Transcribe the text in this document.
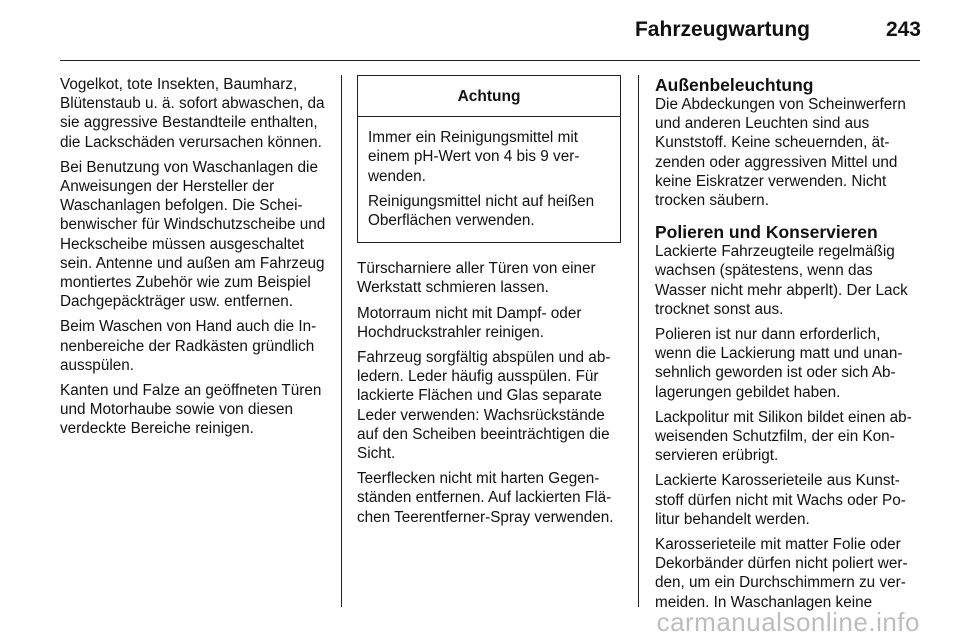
Fahrzeugwartung	243

Vogelkot, tote Insekten, Baumharz, Blütenstaub u. ä. sofort abwaschen, da sie aggressive Bestandteile enthalten, die Lackschäden verursachen können.

Bei Benutzung von Waschanlagen die Anweisungen der Hersteller der Waschanlagen befolgen. Die Scheibenwischer für Windschutzscheibe und Heckscheibe müssen ausgeschaltet sein. Antenne und außen am Fahrzeug montiertes Zubehör wie zum Beispiel Dachgepäckträger usw. entfernen.

Beim Waschen von Hand auch die Innenbereiche der Radkästen gründlich ausspülen.

Kanten und Falze an geöffneten Türen und Motorhaube sowie von diesen verdeckte Bereiche reinigen.

Achtung

Immer ein Reinigungsmittel mit einem pH-Wert von 4 bis 9 verwenden.

Reinigungsmittel nicht auf heißen Oberflächen verwenden.

Türscharniere aller Türen von einer Werkstatt schmieren lassen.

Motorraum nicht mit Dampf- oder Hochdruckstrahler reinigen.

Fahrzeug sorgfältig abspülen und abledern. Leder häufig ausspülen. Für lackierte Flächen und Glas separate Leder verwenden: Wachsrückstände auf den Scheiben beeinträchtigen die Sicht.

Teerflecken nicht mit harten Gegenständen entfernen. Auf lackierten Flächen Teerentferner-Spray verwenden.

Außenbeleuchtung

Die Abdeckungen von Scheinwerfern und anderen Leuchten sind aus Kunststoff. Keine scheuernden, ätzenden oder aggressiven Mittel und keine Eiskratzer verwenden. Nicht trocken säubern.

Polieren und Konservieren

Lackierte Fahrzeugteile regelmäßig wachsen (spätestens, wenn das Wasser nicht mehr abperlt). Der Lack trocknet sonst aus.

Polieren ist nur dann erforderlich, wenn die Lackierung matt und unansehnlich geworden ist oder sich Ablagerungen gebildet haben.

Lackpolitur mit Silikon bildet einen abweisenden Schutzfilm, der ein Konservieren erübrigt.

Lackierte Karosserieteile aus Kunststoff dürfen nicht mit Wachs oder Politur behandelt werden.

Karosserieteile mit matter Folie oder Dekorbänder dürfen nicht poliert werden, um ein Durchschimmern zu vermeiden. In Waschanlagen keine

carmanualsonline.info
